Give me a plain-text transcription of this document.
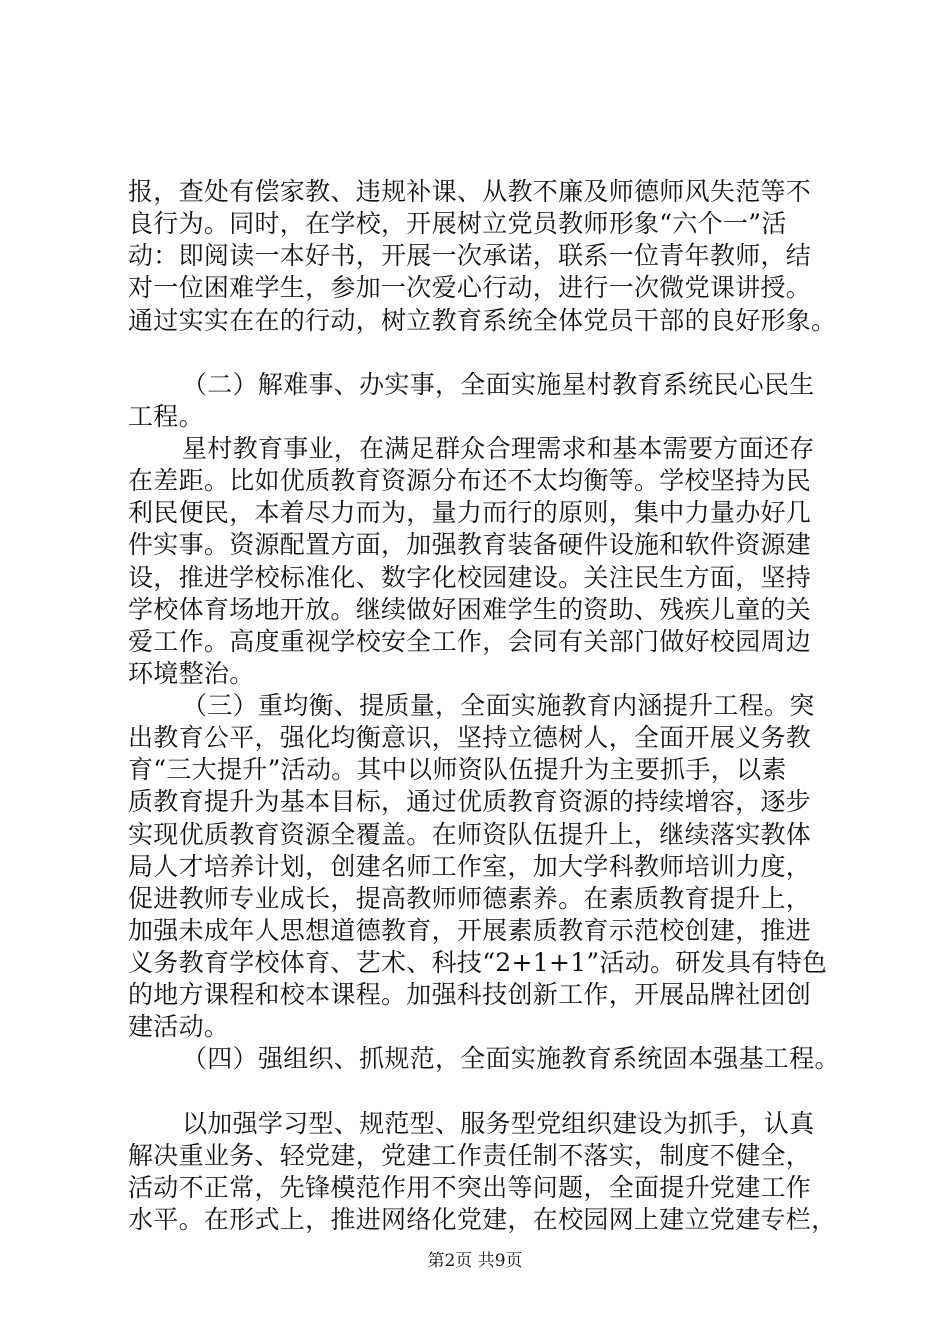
报，查处有偿家教、违规补课、从教不廉及师德师风失范等不
良行为。同时，在学校，开展树立党员教师形象“六个一”活
动：即阅读一本好书，开展一次承诺，联系一位青年教师，结
对一位困难学生，参加一次爱心行动，进行一次微党课讲授。
通过实实在在的行动，树立教育系统全体党员干部的良好形象。
（二）解难事、办实事，全面实施星村教育系统民心民生
工程。
星村教育事业，在满足群众合理需求和基本需要方面还存
在差距。比如优质教育资源分布还不太均衡等。学校坚持为民
利民便民，本着尽力而为，量力而行的原则，集中力量办好几
件实事。资源配置方面，加强教育装备硬件设施和软件资源建
设，推进学校标准化、数字化校园建设。关注民生方面，坚持
学校体育场地开放。继续做好困难学生的资助、残疾儿童的关
爱工作。高度重视学校安全工作，会同有关部门做好校园周边
环境整治。
（三）重均衡、提质量，全面实施教育内涵提升工程。突
出教育公平，强化均衡意识，坚持立德树人，全面开展义务教
育“三大提升”活动。其中以师资队伍提升为主要抓手，以素
质教育提升为基本目标，通过优质教育资源的持续增容，逐步
实现优质教育资源全覆盖。在师资队伍提升上，继续落实教体
局人才培养计划，创建名师工作室，加大学科教师培训力度，
促进教师专业成长，提高教师师德素养。在素质教育提升上，
加强未成年人思想道德教育，开展素质教育示范校创建，推进
义务教育学校体育、艺术、科技“2+1+1”活动。研发具有特色
的地方课程和校本课程。加强科技创新工作，开展品牌社团创
建活动。
（四）强组织、抓规范，全面实施教育系统固本强基工程。
以加强学习型、规范型、服务型党组织建设为抓手，认真
解决重业务、轻党建，党建工作责任制不落实，制度不健全，
活动不正常，先锋模范作用不突出等问题，全面提升党建工作
水平。在形式上，推进网络化党建，在校园网上建立党建专栏，
第2页 共9页
